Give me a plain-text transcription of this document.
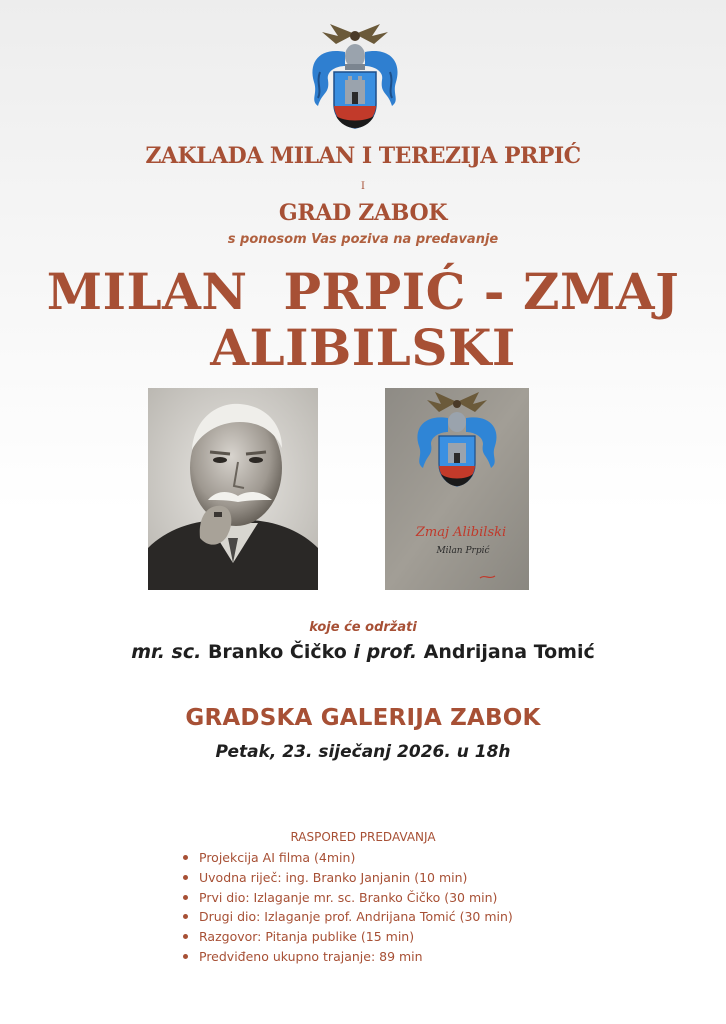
ZAKLADA MILAN I TEREZIJA PRPIĆ
I
GRAD ZABOK
s ponosom Vas poziva na predavanje
MILAN  PRPIĆ - ZMAJ
ALIBILSKI
Zmaj Alibilski
Milan Prpić
koje će održati
mr. sc. Branko Čičko i prof. Andrijana Tomić
GRADSKA GALERIJA ZABOK
Petak, 23. siječanj 2026. u 18h
RASPORED PREDAVANJA
Projekcija AI filma (4min)
Uvodna riječ: ing. Branko Janjanin (10 min)
Prvi dio: Izlaganje mr. sc. Branko Čičko (30 min)
Drugi dio: Izlaganje prof. Andrijana Tomić (30 min)
Razgovor: Pitanja publike (15 min)
Predviđeno ukupno trajanje: 89 min
